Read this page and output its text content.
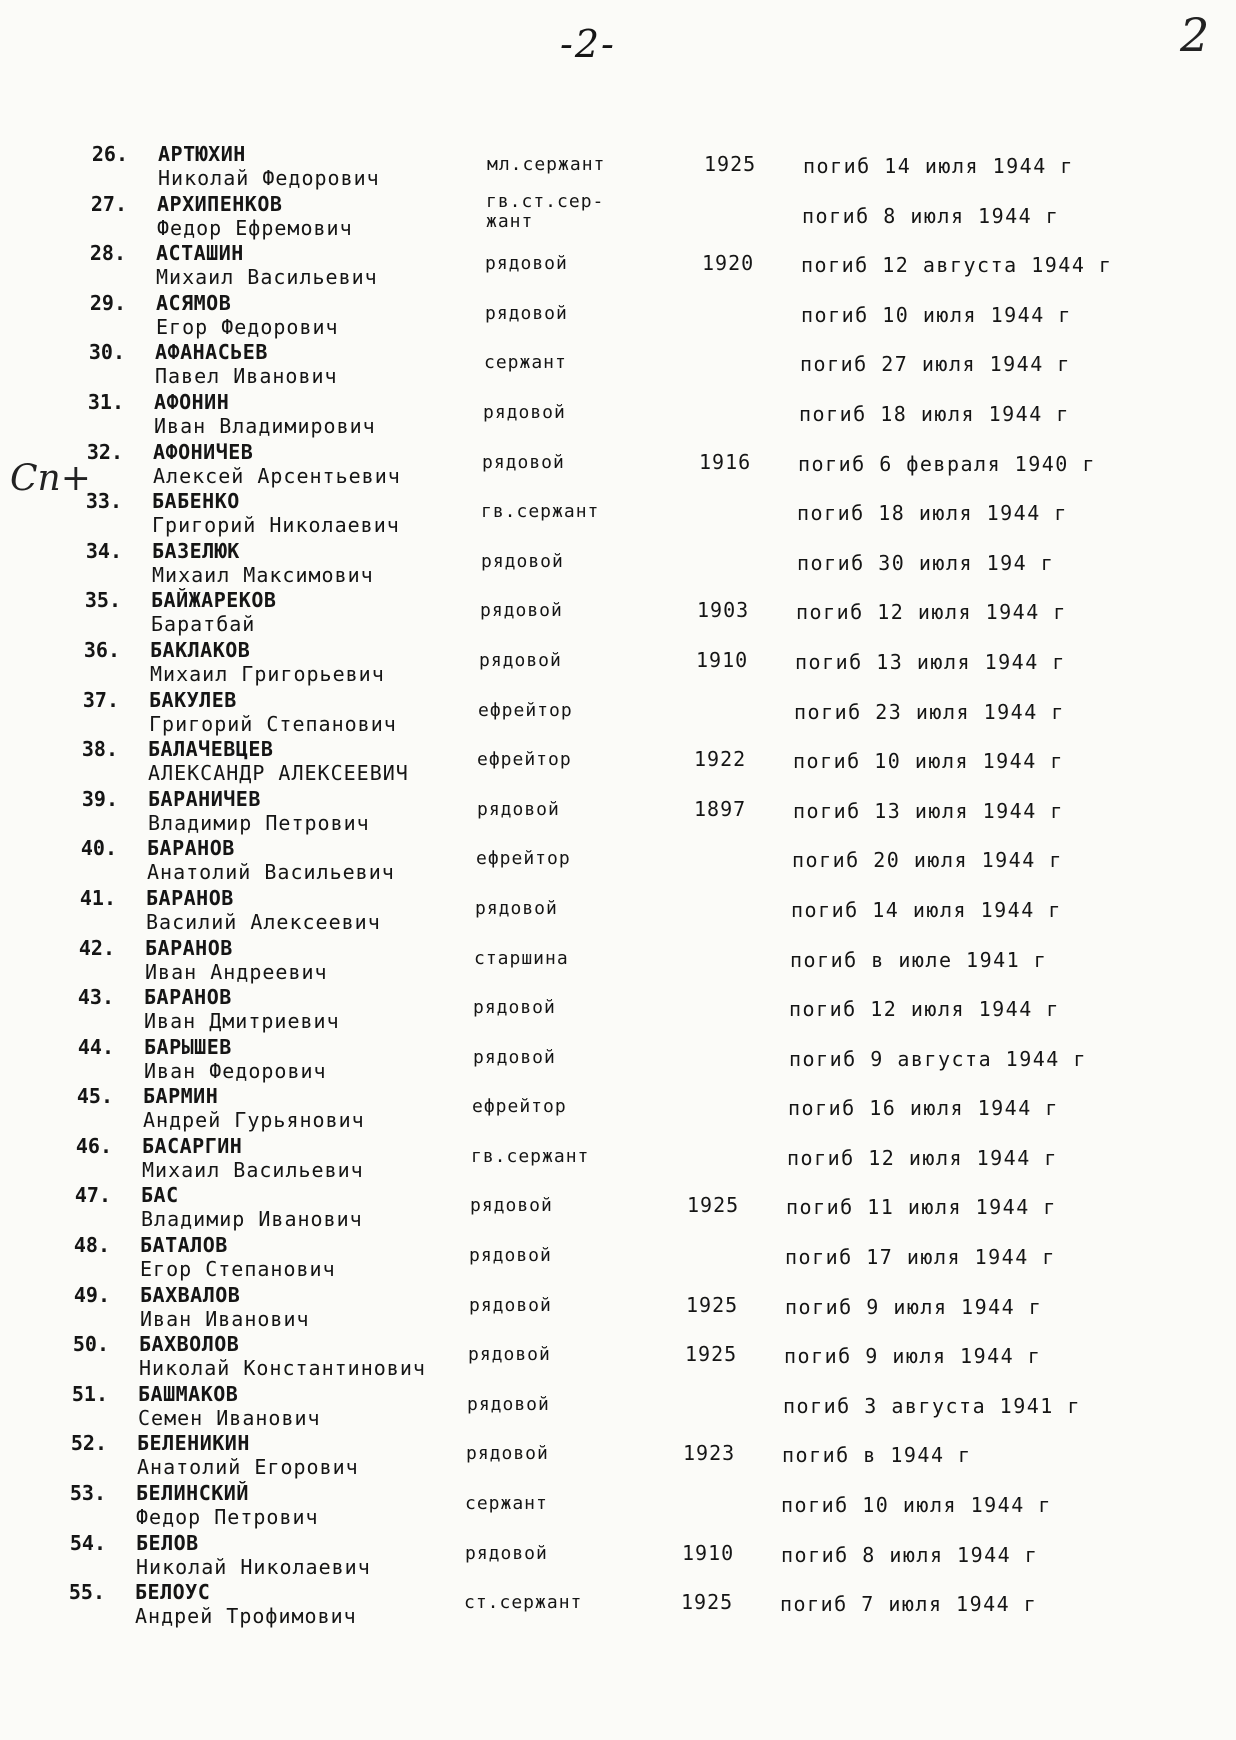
-2-	2
Сп+
26. АРТЮХИН
Николай Федорович
мл.сержант	1925 погиб 14 июля 1944 г
27. АРХИПЕНКОВ
Федор Ефремович
гв.ст.сер-
жант	погиб 8 июля 1944 г
28. АСТАШИН
Михаил Васильевич
рядовой	1920 погиб 12 августа 1944 г
29. АСЯМОВ
Егор Федорович
рядовой	погиб 10 июля 1944 г
30. АФАНАСЬЕВ
Павел Иванович
сержант	погиб 27 июля 1944 г
31. АФОНИН
Иван Владимирович
рядовой	погиб 18 июля 1944 г
32. АФОНИЧЕВ
Алексей Арсентьевич
рядовой	1916 погиб 6 февраля 1940 г
33. БАБЕНКО
Григорий Николаевич
гв.сержант	погиб 18 июля 1944 г
34. БАЗЕЛЮК
Михаил Максимович
рядовой	погиб 30 июля 194 г
35. БАЙЖАРЕКОВ
Баратбай
рядовой	1903 погиб 12 июля 1944 г
36. БАКЛАКОВ
Михаил Григорьевич
рядовой	1910 погиб 13 июля 1944 г
37. БАКУЛЕВ
Григорий Степанович
ефрейтор	погиб 23 июля 1944 г
38. БАЛАЧЕВЦЕВ
АЛЕКСАНДР АЛЕКСЕЕВИЧ
ефрейтор	1922 погиб 10 июля 1944 г
39. БАРАНИЧЕВ
Владимир Петрович
рядовой	1897 погиб 13 июля 1944 г
40. БАРАНОВ
Анатолий Васильевич
ефрейтор	погиб 20 июля 1944 г
41. БАРАНОВ
Василий Алексеевич
рядовой	погиб 14 июля 1944 г
42. БАРАНОВ
Иван Андреевич
старшина	погиб в июле 1941 г
43. БАРАНОВ
Иван Дмитриевич
рядовой	погиб 12 июля 1944 г
44. БАРЫШЕВ
Иван Федорович
рядовой	погиб 9 августа 1944 г
45. БАРМИН
Андрей Гурьянович
ефрейтор	погиб 16 июля 1944 г
46. БАСАРГИН
Михаил Васильевич
гв.сержант	погиб 12 июля 1944 г
47. БАС
Владимир Иванович
рядовой	1925 погиб 11 июля 1944 г
48. БАТАЛОВ
Егор Степанович
рядовой	погиб 17 июля 1944 г
49. БАХВАЛОВ
Иван Иванович
рядовой	1925 погиб 9 июля 1944 г
50. БАХВОЛОВ
Николай Константинович
рядовой	1925 погиб 9 июля 1944 г
51. БАШМАКОВ
Семен Иванович
рядовой	погиб 3 августа 1941 г
52. БЕЛЕНИКИН
Анатолий Егорович
рядовой	1923 погиб в 1944 г
53. БЕЛИНСКИЙ
Федор Петрович
сержант	погиб 10 июля 1944 г
54. БЕЛОВ
Николай Николаевич
рядовой	1910 погиб 8 июля 1944 г
55. БЕЛОУС
Андрей Трофимович
ст.сержант	1925 погиб 7 июля 1944 г
